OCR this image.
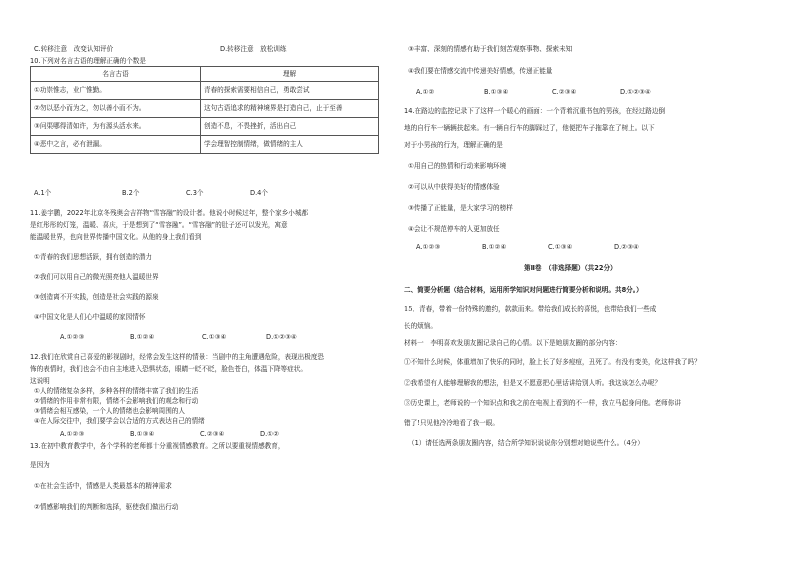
C.转移注意　改变认知评价	D.转移注意　放松训练
10.下列对名言古语的理解正确的个数是
名言古语	理解
①功崇惟志，业广惟勤。	青春的探索需要相信自己，勇敢尝试
②勿以恶小而为之，勿以善小而不为。	这句古语追求的精神境界是打造自己，止于至善
③问渠哪得清如许，为有源头活水来。	创造不息，不畏挫折，活出自己
④恶中之言，必有泄漏。	学会理智控制情绪，做情绪的主人
A.1个	B.2个	C.3个	D.4个
11.姜宇鹏，2022年北京冬残奥会吉祥物“雪容融”的设计者。他说小时候过年，整个家乡小城都
是红彤彤的灯笼，温暖、喜庆，于是想到了“雪容融”。“雪容融”的肚子还可以发光，寓意
能温暖世界，也向世界传播中国文化。从他的身上我们看到
①青春的我们思想活跃，拥有创造的潜力
②我们可以用自己的微光照亮他人温暖世界
③创造离不开实践，创造是社会实践的源泉
④中国文化是人们心中温暖的家园情怀
A.①②③	B.①②④	C.①③④	D.①②③④
12.我们在欣赏自己喜爱的影视剧时，经常会发生这样的情景：当剧中的主角遭遇危险，表现出极度恐
怖的表情时，我们也会不由自主地进入恐惧状态，眼睛一眨不眨，脸色苍白，体温下降等症状。
这说明
①人的情绪复杂多样，多种各样的情绪丰富了我们的生活
②情绪的作用非常有限，情绪不会影响我们的观念和行动
③情绪会相互感染，一个人的情绪也会影响周围的人
④在人际交往中，我们要学会以合适的方式表达自己的情绪
A.①②③	B.①③④	C.②③④	D.①②
13.在初中教育教学中，各个学科的老师都十分重视情感教育。之所以要重视情感教育，
是因为
①在社会生活中，情感是人类最基本的精神需求
②情感影响我们的判断和选择，驱使我们做出行动
③丰富、深刻的情感有助于我们刻苦观察事物、探索未知
④我们要在情感交流中传递美好情感，传递正能量
A.①②	B.①③④	C.②③④	D.①②③④
14.在路边的监控记录下了这样一个暖心的画面：一个背着沉重书包的男孩，在经过路边倒
地的自行车一辆辆扶起来。有一辆自行车的脚踩过了，他便把车子拖靠在了树上。以下
对于小男孩的行为，理解正确的是
①用自己的热情和行动来影响环境
②可以从中获得美好的情感体验
③传播了正能量，是大家学习的榜样
④会让不规范停车的人更加放任
A.①②③	B.①②④	C.①③④	D.②③④
第Ⅱ卷　（非选择题）（共22分）
二、简要分析题（结合材料，运用所学知识对问题进行简要分析和说明。共8分。）
15．青春，带着一份特殊的邀约，款款而来。带给我们成长的喜悦，也带给我们一些成
长的烦恼。
材料一　李明喜欢发朋友圈记录自己的心情。以下是她朋友圈的部分内容：
①不知什么时候，体重增加了快乐的同时，脸上长了好多痘痘，丑死了。有没有变美，化这样我了吗？
②我希望有人能够理解我的想法，但是又不愿意把心里话讲给别人听。我这该怎么办呢？
③历史课上，老师说的一个知识点和我之前在电视上看到的不一样，我立马起身问他。老师你讲
错了!只见他冷冷地看了我一眼。
（1）请任选两条朋友圈内容，结合所学知识说说你分别想对她说些什么。（4分）
